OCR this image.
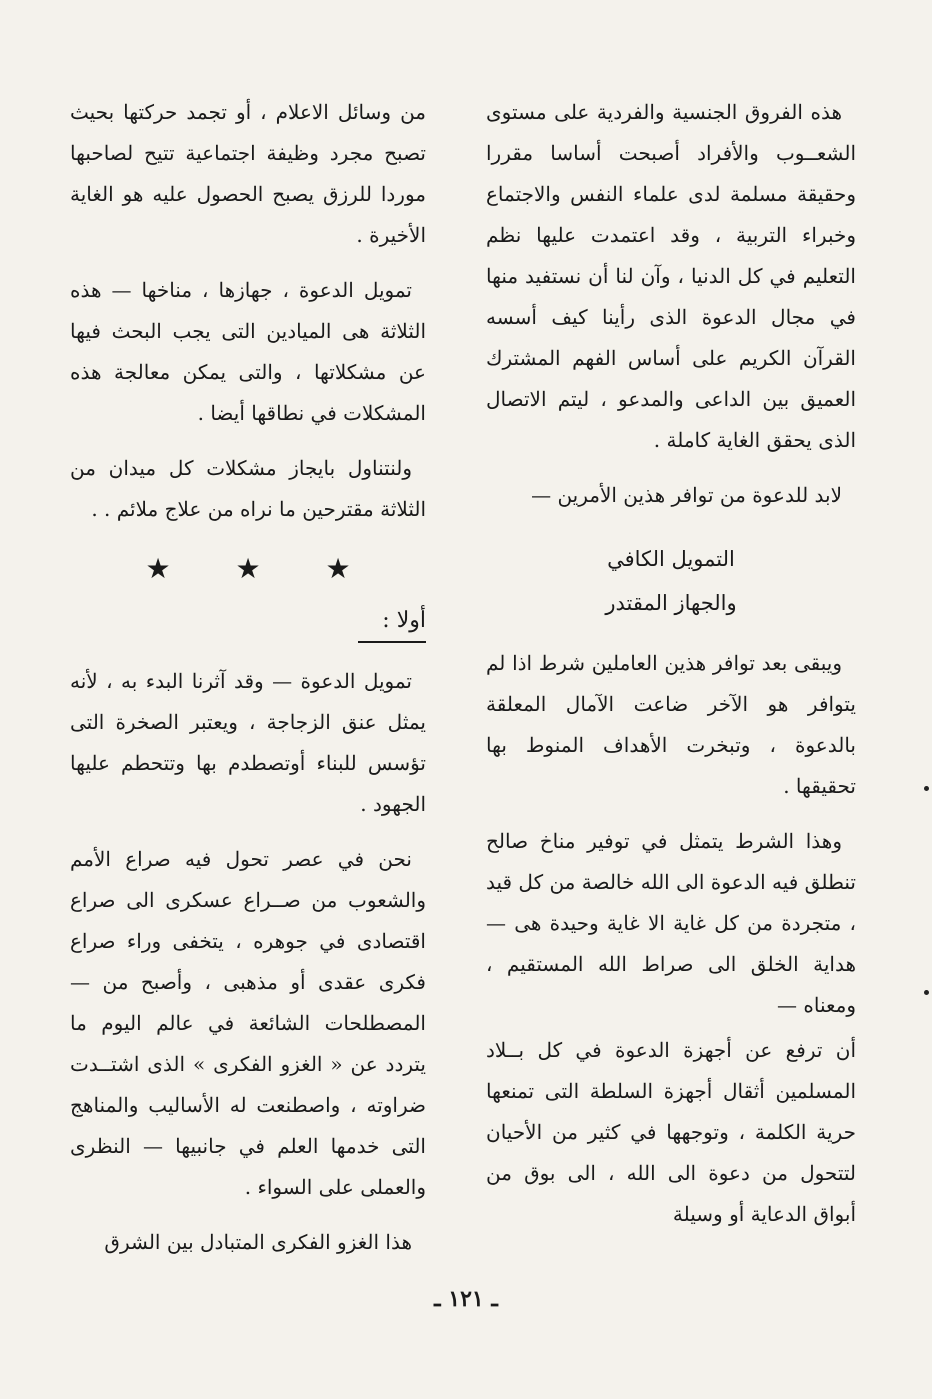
هذه الفروق الجنسية والفردية على مستوى الشعــوب والأفراد أصبحت أساسا مقررا وحقيقة مسلمة لدى علماء النفس والاجتماع وخبراء التربية ، وقد اعتمدت عليها نظم التعليم في كل الدنيا ، وآن لنا أن نستفيد منها في مجال الدعوة الذى رأينا كيف أسسه القرآن الكريم على أساس الفهم المشترك العميق بين الداعى والمدعو ، ليتم الاتصال الذى يحقق الغاية كاملة .

لابد للدعوة من توافر هذين الأمرين —

التمويل الكافي

والجهاز المقتدر

ويبقى بعد توافر هذين العاملين شرط اذا لم يتوافر هو الآخر ضاعت الآمال المعلقة بالدعوة ، وتبخرت الأهداف المنوط بها تحقيقها .

وهذا الشرط يتمثل في توفير مناخ صالح تنطلق فيه الدعوة الى الله خالصة من كل قيد ، متجردة من كل غاية الا غاية وحيدة هى — هداية الخلق الى صراط الله المستقيم ، ومعناه —

أن ترفع عن أجهزة الدعوة في كل بــلاد المسلمين أثقال أجهزة السلطة التى تمنعها حرية الكلمة ، وتوجهها في كثير من الأحيان لتتحول من دعوة الى الله ، الى بوق من أبواق الدعاية أو وسيلة

من وسائل الاعلام ، أو تجمد حركتها بحيث تصبح مجرد وظيفة اجتماعية تتيح لصاحبها موردا للرزق يصبح الحصول عليه هو الغاية الأخيرة .

تمويل الدعوة ، جهازها ، مناخها — هذه الثلاثة هى الميادين التى يجب البحث فيها عن مشكلاتها ، والتى يمكن معالجة هذه المشكلات في نطاقها أيضا .

ولنتناول بايجاز مشكلات كل ميدان من الثلاثة مقترحين ما نراه من علاج ملائم . .

★ ★ ★
أولا :

تمويل الدعوة — وقد آثرنا البدء به ، لأنه يمثل عنق الزجاجة ، ويعتبر الصخرة التى تؤسس للبناء أوتصطدم بها وتتحطم عليها الجهود .

نحن في عصر تحول فيه صراع الأمم والشعوب من صــراع عسكرى الى صراع اقتصادى في جوهره ، يتخفى وراء صراع فكرى عقدى أو مذهبى ، وأصبح من — المصطلحات الشائعة في عالم اليوم ما يتردد عن « الغزو الفكرى » الذى اشتــدت ضراوته ، واصطنعت له الأساليب والمناهج التى خدمها العلم في جانبيها — النظرى والعملى على السواء .

هذا الغزو الفكرى المتبادل بين الشرق

ـ ١٢١ ـ
